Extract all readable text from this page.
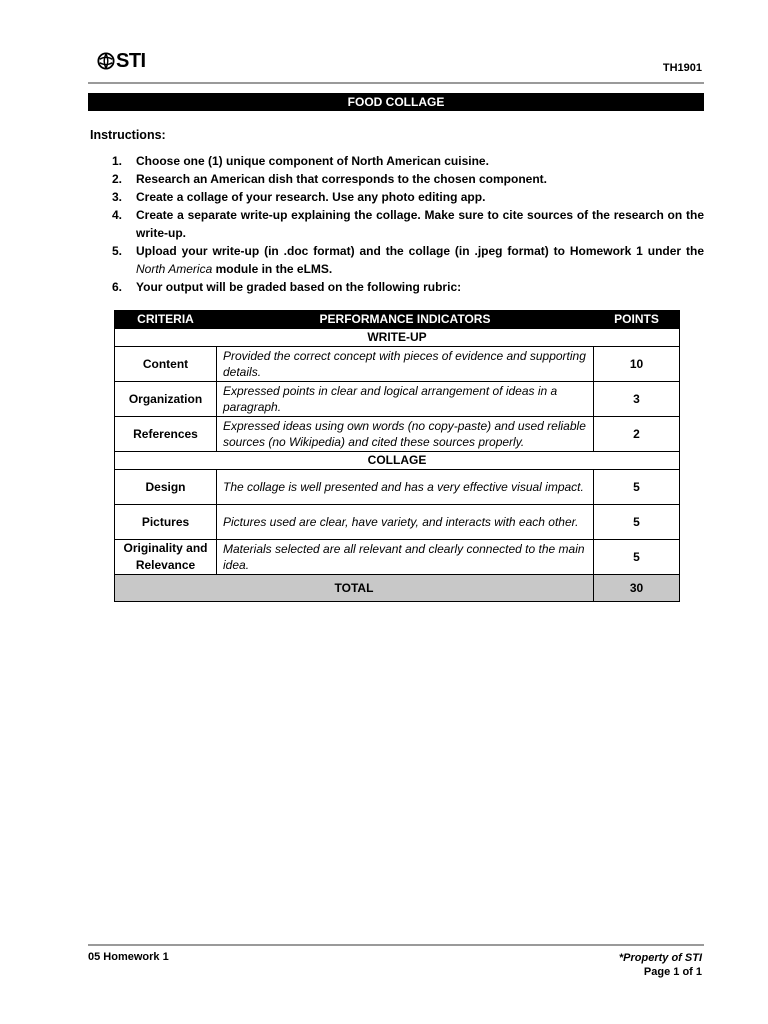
STI	TH1901
FOOD COLLAGE
Instructions:
1.	Choose one (1) unique component of North American cuisine.
2.	Research an American dish that corresponds to the chosen component.
3.	Create a collage of your research. Use any photo editing app.
4.	Create a separate write-up explaining the collage. Make sure to cite sources of the research on the write-up.
5.	Upload your write-up (in .doc format) and the collage (in .jpeg format) to Homework 1 under the North America module in the eLMS.
6.	Your output will be graded based on the following rubric:
CRITERIA	PERFORMANCE INDICATORS	POINTS
WRITE-UP		
Content	Provided the correct concept with pieces of evidence and supporting details.	10
Organization	Expressed points in clear and logical arrangement of ideas in a paragraph.	3
References	Expressed ideas using own words (no copy-paste) and used reliable sources (no Wikipedia) and cited these sources properly.	2
COLLAGE		
Design	The collage is well presented and has a very effective visual impact.	5
Pictures	Pictures used are clear, have variety, and interacts with each other.	5
Originality and Relevance	Materials selected are all relevant and clearly connected to the main idea.	5
TOTAL		30
05 Homework 1	*Property of STI
Page 1 of 1
